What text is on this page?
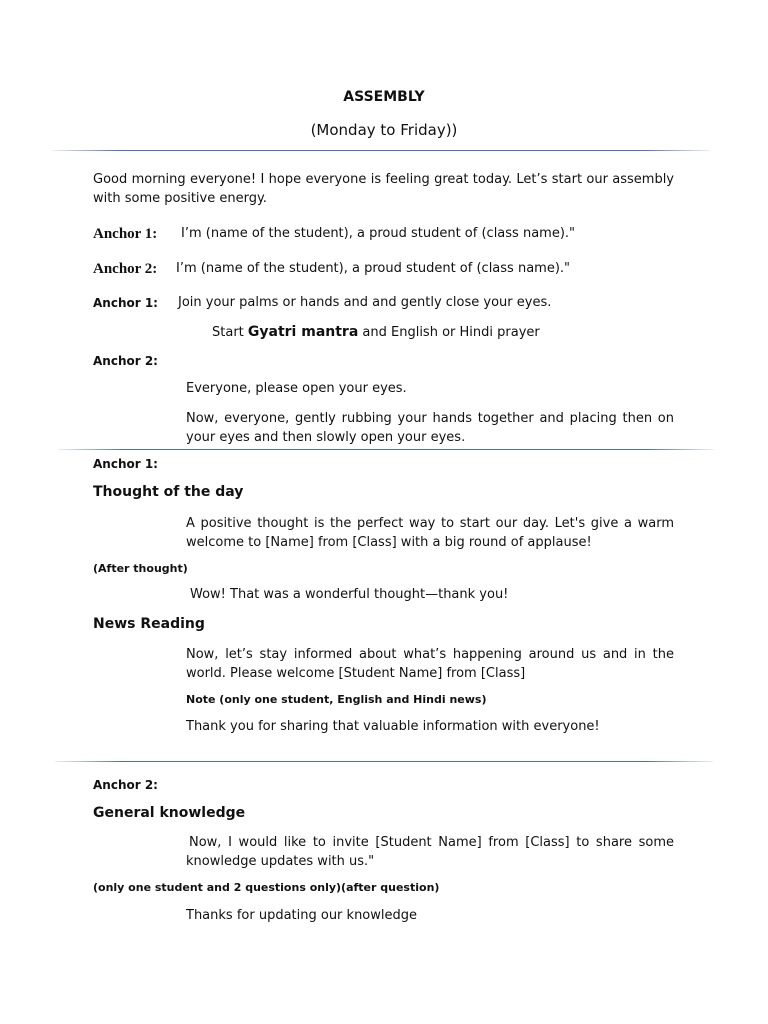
ASSEMBLY
(Monday to Friday))
Good morning everyone! I hope everyone is feeling great today. Let’s start our assembly with some positive energy.
Anchor 1: I’m (name of the student), a proud student of (class name)."
Anchor 2: I’m (name of the student), a proud student of (class name)."
Anchor 1: Join your palms or hands and and gently close your eyes.
Start Gyatri mantra and English or Hindi prayer
Anchor 2:
Everyone, please open your eyes.
Now, everyone, gently rubbing your hands together and placing then on your eyes and then slowly open your eyes.
Anchor 1:
Thought of the day
A positive thought is the perfect way to start our day. Let's give a warm welcome to [Name] from [Class] with a big round of applause!
(After thought)
Wow! That was a wonderful thought—thank you!
News Reading
Now, let’s stay informed about what’s happening around us and in the world. Please welcome [Student Name] from [Class]
Note (only one student, English and Hindi news)
Thank you for sharing that valuable information with everyone!
Anchor 2:
General knowledge
Now, I would like to invite [Student Name] from [Class] to share some knowledge updates with us."
(only one student and 2 questions only)(after question)
Thanks for updating our knowledge
